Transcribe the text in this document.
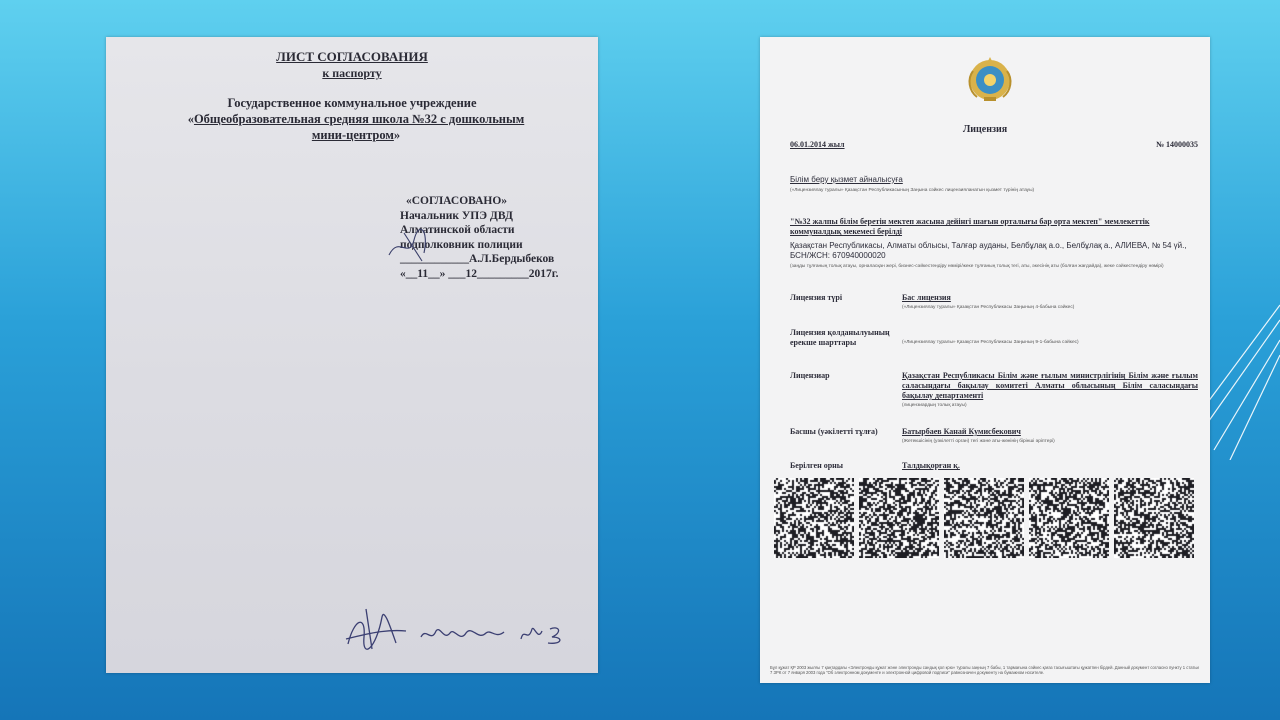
ЛИСТ СОГЛАСОВАНИЯ
к паспорту
Государственное коммунальное учреждение
«Общеобразовательная средняя школа №32 с дошкольным
мини-центром»
«СОГЛАСОВАНО»
Начальник УПЭ ДВД
Алматинской области
подполковник полиции
____________А.Л.Бердыбеков
«__11__» ___12_________2017г.
Лицензия
06.01.2014 жыл	№ 14000035
Білім беру қызмет айналысуға
(«Лицензиялау туралы» Қазақстан Республикасының Заңына сәйкес лицензияланатын қызмет түрінің атауы)
"№32 жалпы білім беретін мектеп жасына дейінгі шағын орталығы бар орта мектеп" мемлекеттік коммуналдық мекемесі берілді
Қазақстан Республикасы, Алматы облысы, Талғар ауданы, Белбұлақ а.о., Белбұлақ а., АЛИЕВА, № 54 үй., БСН/ЖСН: 670940000020
(заңды тұлғаның толық атауы, орналасқан жері, бизнес-сәйкестендіру нөмірі/жеке тұлғаның толық тегі, аты, әкесінің аты (болған жағдайда), жеке сәйкестендіру нөмірі)
Лицензия түрі	Бас лицензия
(«Лицензиялау туралы» Қазақстан Республикасы Заңының 4-бабына сәйкес)
Лицензия қолданылуының ерекше шарттары	(«Лицензиялау туралы» Қазақстан Республикасы Заңының 9-1-бабына сәйкес)
Лицензиар	Қазақстан Республикасы Білім және ғылым министрлігінің Білім және ғылым саласындағы бақылау комитеті Алматы облысының Білім саласындағы бақылау департаменті
(лицензиардың толық атауы)
Басшы (уәкілетті тұлға)	Батырбаев Канай Кумисбекович
(Жетекшісінің (уәкілетті орган) тегі және аты-жөнінің бірінші әріптері)
Берілген орны	Талдықорған қ.
Бұл құжат ҚР 2003 жылғы 7 қаңтардағы «Электронды құжат және электронды сандық қол қою» туралы заңның 7 бабы, 1 тармағына сәйкес қағаз тасығыштағы құжатпен бірдей. Данный документ согласно пункту 1 статьи 7 ЗРК от 7 января 2003 года "Об электронном документе и электронной цифровой подписи" равнозначен документу на бумажном носителе.
